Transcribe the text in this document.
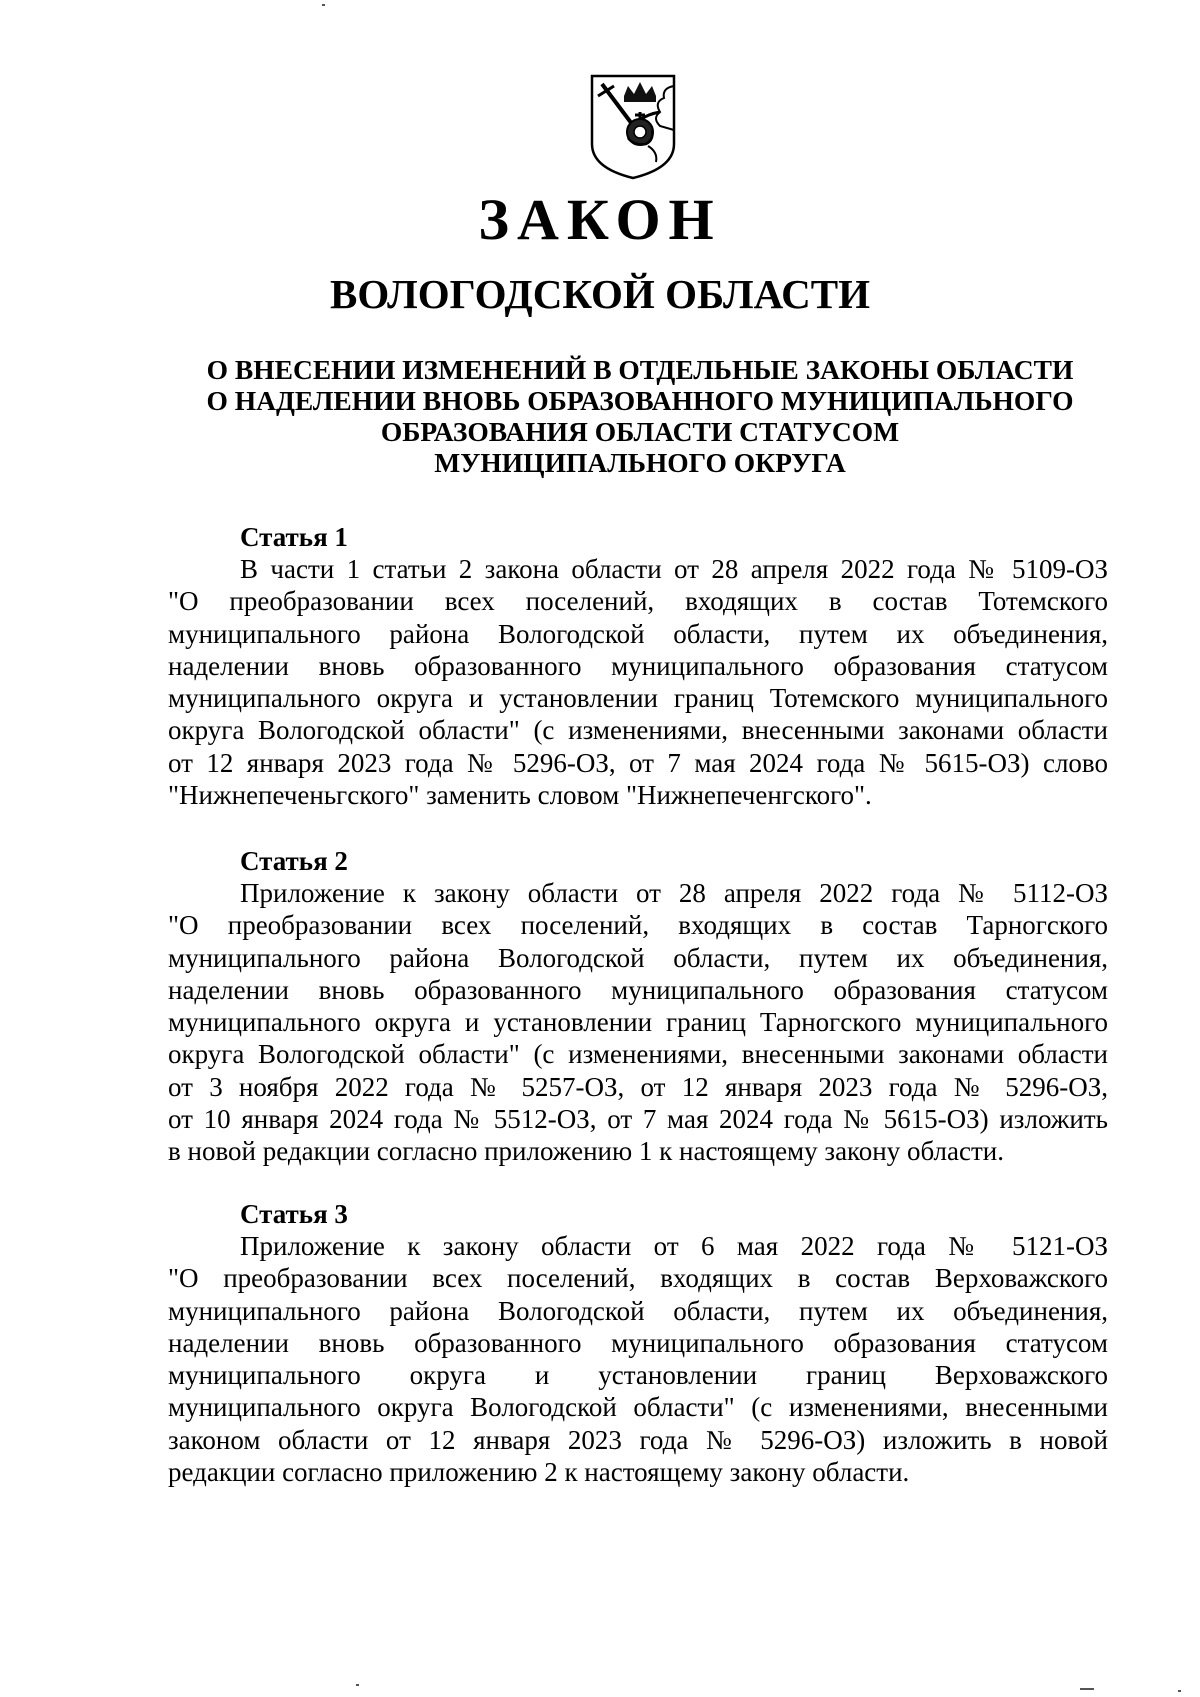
ЗАКОН
ВОЛОГОДСКОЙ ОБЛАСТИ
О ВНЕСЕНИИ ИЗМЕНЕНИЙ В ОТДЕЛЬНЫЕ ЗАКОНЫ ОБЛАСТИ
О НАДЕЛЕНИИ ВНОВЬ ОБРАЗОВАННОГО МУНИЦИПАЛЬНОГО
ОБРАЗОВАНИЯ ОБЛАСТИ СТАТУСОМ
МУНИЦИПАЛЬНОГО ОКРУГА
Статья 1

В части 1 статьи 2 закона области от 28 апреля 2022 года № 5109-ОЗ
"О преобразовании всех поселений, входящих в состав Тотемского
муниципального района Вологодской области, путем их объединения,
наделении вновь образованного муниципального образования статусом
муниципального округа и установлении границ Тотемского муниципального
округа Вологодской области" (с изменениями, внесенными законами области
от 12 января 2023 года № 5296-ОЗ, от 7 мая 2024 года № 5615-ОЗ) слово
"Нижнепеченьгского" заменить словом "Нижнепеченгского".

Статья 2

Приложение к закону области от 28 апреля 2022 года № 5112-ОЗ
"О преобразовании всех поселений, входящих в состав Тарногского
муниципального района Вологодской области, путем их объединения,
наделении вновь образованного муниципального образования статусом
муниципального округа и установлении границ Тарногского муниципального
округа Вологодской области" (с изменениями, внесенными законами области
от 3 ноября 2022 года № 5257-ОЗ, от 12 января 2023 года № 5296-ОЗ,
от 10 января 2024 года № 5512-ОЗ, от 7 мая 2024 года № 5615-ОЗ) изложить
в новой редакции согласно приложению 1 к настоящему закону области.

Статья 3

Приложение к закону области от 6 мая 2022 года № 5121-ОЗ
"О преобразовании всех поселений, входящих в состав Верховажского
муниципального района Вологодской области, путем их объединения,
наделении вновь образованного муниципального образования статусом
муниципального округа и установлении границ Верховажского
муниципального округа Вологодской области" (с изменениями, внесенными
законом области от 12 января 2023 года № 5296-ОЗ) изложить в новой
редакции согласно приложению 2 к настоящему закону области.
